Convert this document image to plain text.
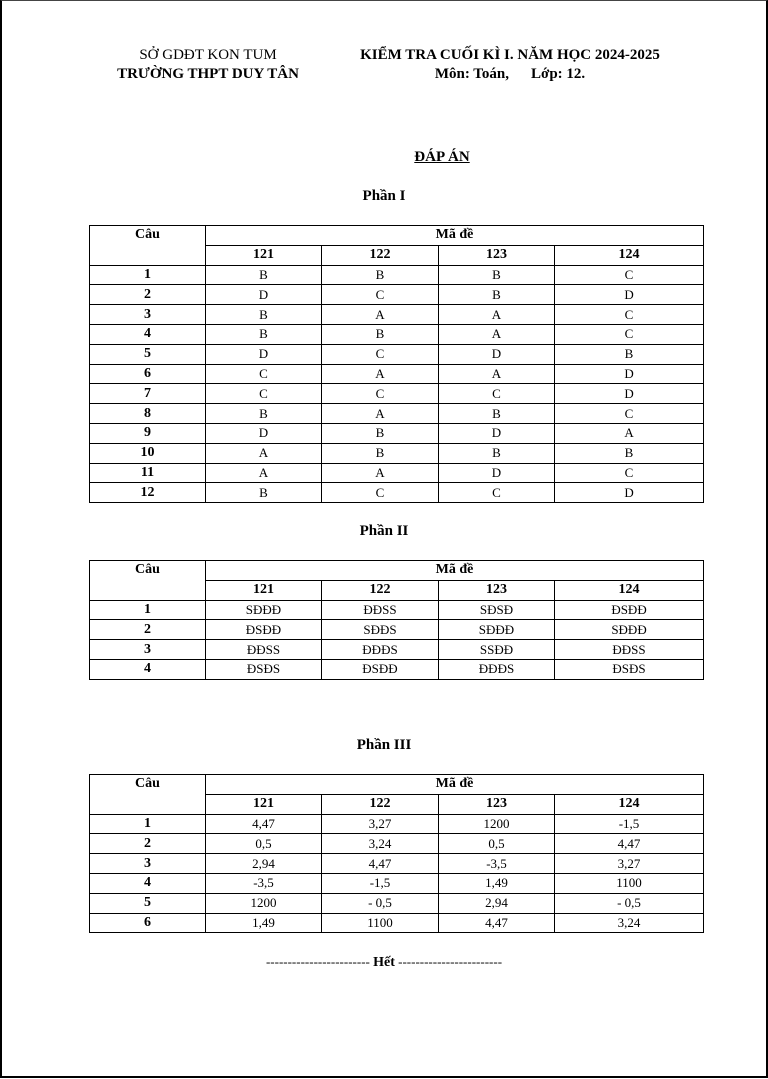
SỞ GDĐT KON TUM
TRƯỜNG THPT DUY TÂN
KIỂM TRA CUỐI KÌ I. NĂM HỌC 2024-2025
Môn: Toán, Lớp: 12.
ĐÁP ÁN
Phần I
Câu	Mã đề			
	121	122	123	124
1	B	B	B	C
2	D	C	B	D
3	B	A	A	C
4	B	B	A	C
5	D	C	D	B
6	C	A	A	D
7	C	C	C	D
8	B	A	B	C
9	D	B	D	A
10	A	B	B	B
11	A	A	D	C
12	B	C	C	D
Phần II
Câu	Mã đề			
	121	122	123	124
1	SĐĐĐ	ĐĐSS	SĐSĐ	ĐSĐĐ
2	ĐSĐĐ	SĐĐS	SĐĐĐ	SĐĐĐ
3	ĐĐSS	ĐĐĐS	SSĐĐ	ĐĐSS
4	ĐSĐS	ĐSĐĐ	ĐĐĐS	ĐSĐS
Phần III
Câu	Mã đề			
	121	122	123	124
1	4,47	3,27	1200	-1,5
2	0,5	3,24	0,5	4,47
3	2,94	4,47	-3,5	3,27
4	-3,5	-1,5	1,49	1100
5	1200	- 0,5	2,94	- 0,5
6	1,49	1100	4,47	3,24
------------------------ Hết ------------------------
